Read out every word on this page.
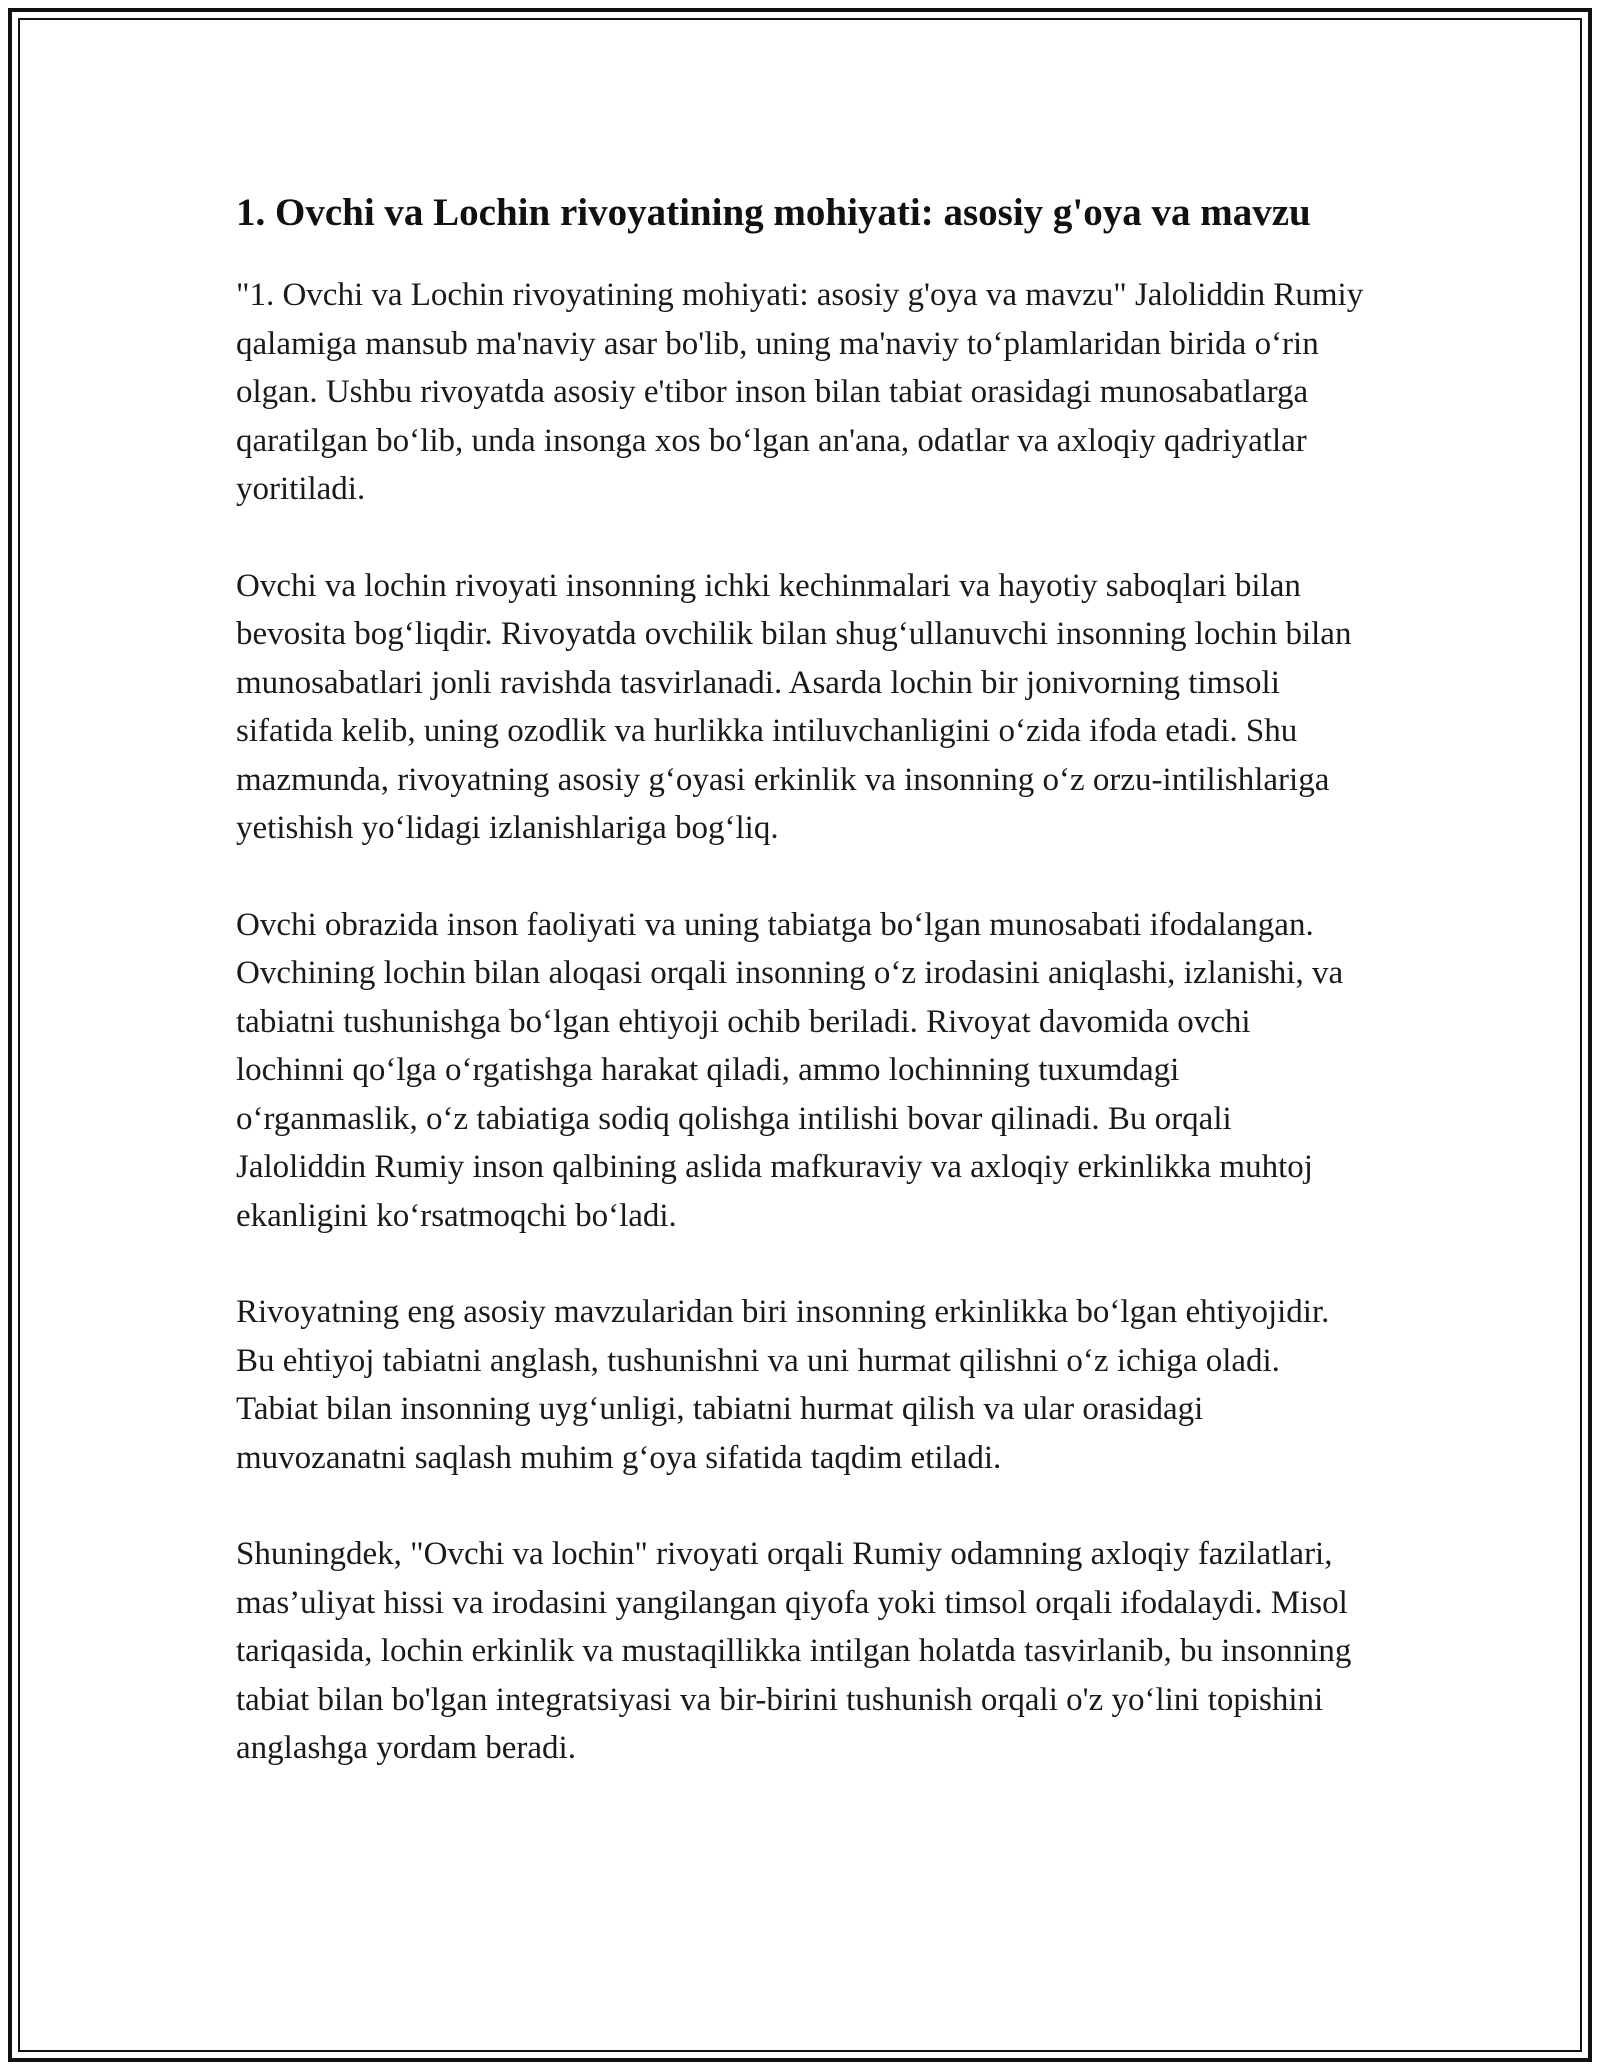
1. Ovchi va Lochin rivoyatining mohiyati: asosiy g'oya va mavzu

"1. Ovchi va Lochin rivoyatining mohiyati: asosiy g'oya va mavzu" Jaloliddin Rumiy qalamiga mansub ma'naviy asar bo'lib, uning ma'naviy to‘plamlaridan birida o‘rin olgan. Ushbu rivoyatda asosiy e'tibor inson bilan tabiat orasidagi munosabatlarga qaratilgan bo‘lib, unda insonga xos bo‘lgan an'ana, odatlar va axloqiy qadriyatlar yoritiladi.

Ovchi va lochin rivoyati insonning ichki kechinmalari va hayotiy saboqlari bilan bevosita bog‘liqdir. Rivoyatda ovchilik bilan shug‘ullanuvchi insonning lochin bilan munosabatlari jonli ravishda tasvirlanadi. Asarda lochin bir jonivorning timsoli sifatida kelib, uning ozodlik va hurlikka intiluvchanligini o‘zida ifoda etadi. Shu mazmunda, rivoyatning asosiy g‘oyasi erkinlik va insonning o‘z orzu-intilishlariga yetishish yo‘lidagi izlanishlariga bog‘liq.

Ovchi obrazida inson faoliyati va uning tabiatga bo‘lgan munosabati ifodalangan. Ovchining lochin bilan aloqasi orqali insonning o‘z irodasini aniqlashi, izlanishi, va tabiatni tushunishga bo‘lgan ehtiyoji ochib beriladi. Rivoyat davomida ovchi lochinni qo‘lga o‘rgatishga harakat qiladi, ammo lochinning tuxumdagi o‘rganmaslik, o‘z tabiatiga sodiq qolishga intilishi bovar qilinadi. Bu orqali Jaloliddin Rumiy inson qalbining aslida mafkuraviy va axloqiy erkinlikka muhtoj ekanligini ko‘rsatmoqchi bo‘ladi.

Rivoyatning eng asosiy mavzularidan biri insonning erkinlikka bo‘lgan ehtiyojidir. Bu ehtiyoj tabiatni anglash, tushunishni va uni hurmat qilishni o‘z ichiga oladi. Tabiat bilan insonning uyg‘unligi, tabiatni hurmat qilish va ular orasidagi muvozanatni saqlash muhim g‘oya sifatida taqdim etiladi.

Shuningdek, "Ovchi va lochin" rivoyati orqali Rumiy odamning axloqiy fazilatlari, mas’uliyat hissi va irodasini yangilangan qiyofa yoki timsol orqali ifodalaydi. Misol tariqasida, lochin erkinlik va mustaqillikka intilgan holatda tasvirlanib, bu insonning tabiat bilan bo'lgan integratsiyasi va bir-birini tushunish orqali o'z yo‘lini topishini anglashga yordam beradi.
